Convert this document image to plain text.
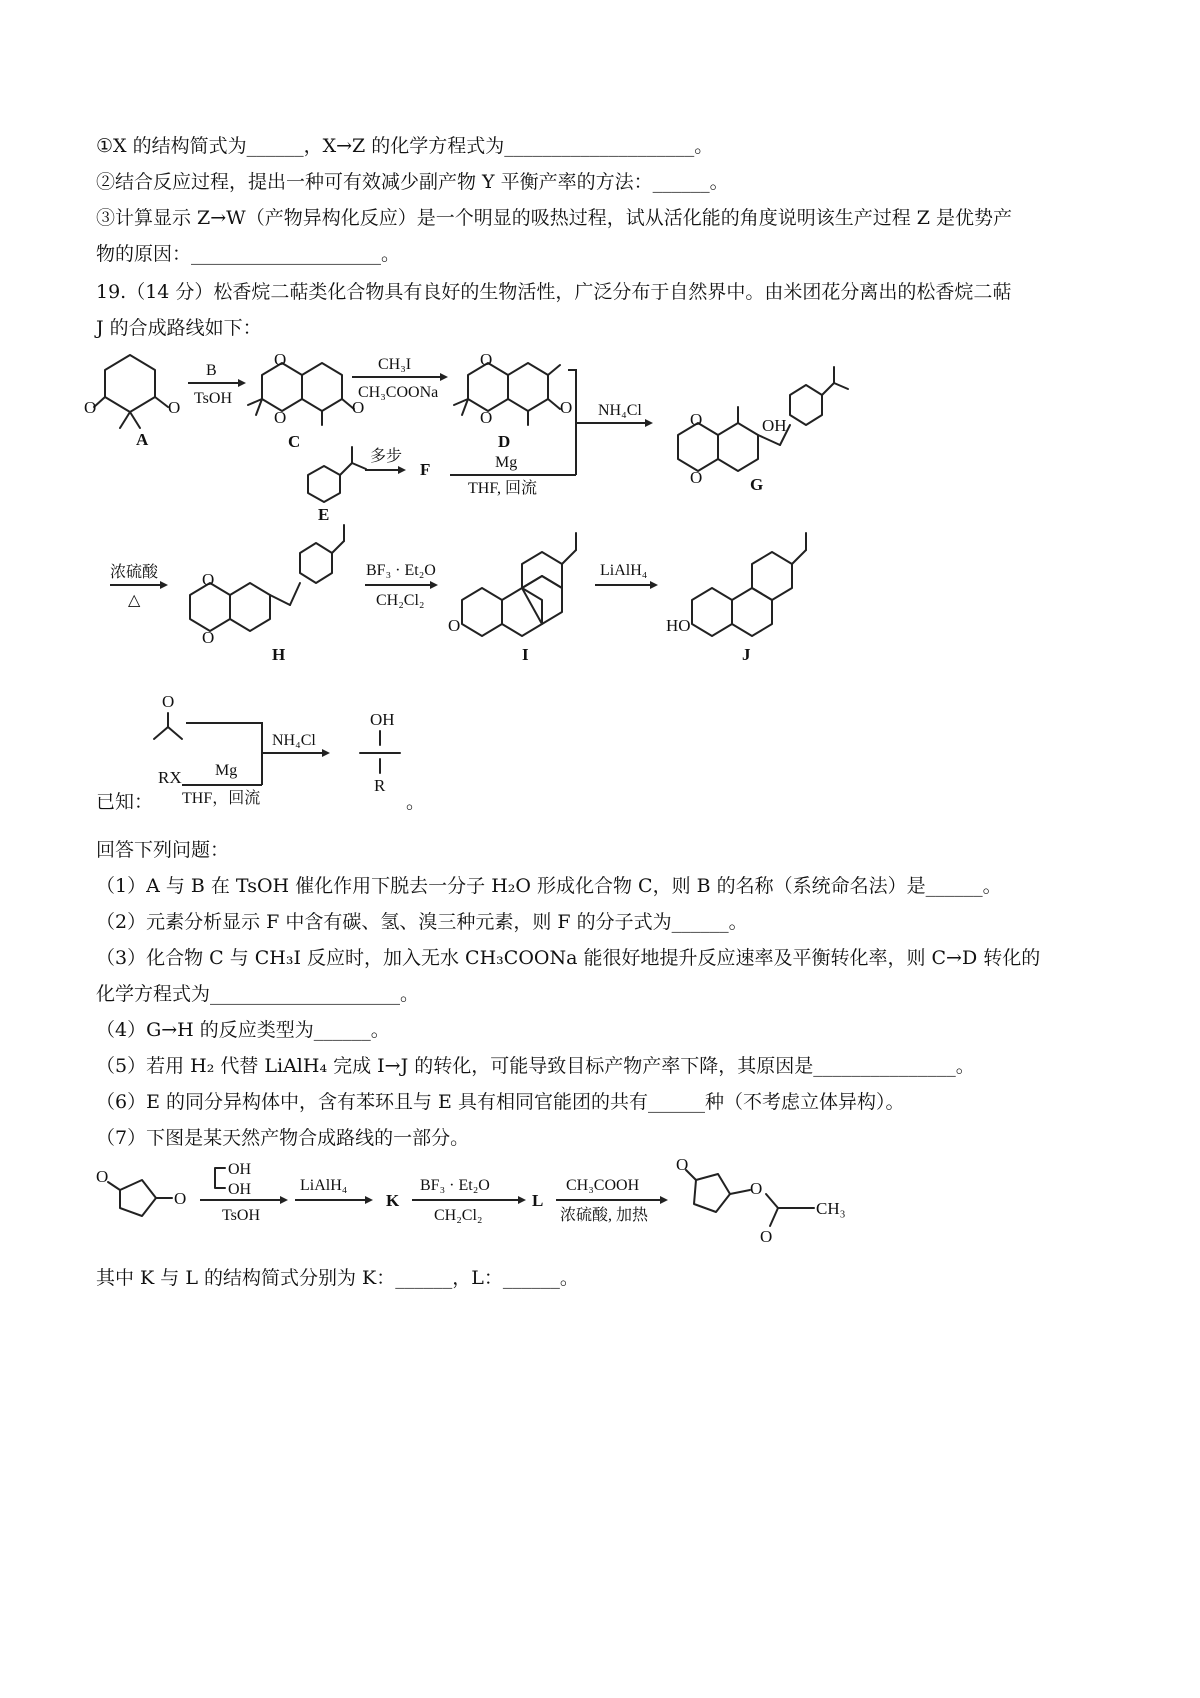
①X 的结构简式为______，X→Z 的化学方程式为____________________。
②结合反应过程，提出一种可有效减少副产物 Y 平衡产率的方法：______。
③计算显示 Z→W（产物异构化反应）是一个明显的吸热过程，试从活化能的角度说明该生产过程 Z 是优势产
物的原因：____________________。
19.（14 分）松香烷二萜类化合物具有良好的生物活性，广泛分布于自然界中。由米团花分离出的松香烷二萜
J 的合成路线如下：
O	O
A
B
TsOH
O
O
O
C
CH₃I
CH₃COONa
O
O
O
D
NH₄Cl
E
多步
F	Mg
THF, 回流
OH
O
O	G
浓硫酸
△
O
O
H
BF₃ · Et₂O
CH₂Cl₂
O
I
LiAlH₄
HO
J
O
RX Mg
THF，回流
NH₄Cl
OH
R
已知：	。
回答下列问题：
（1）A 与 B 在 TsOH 催化作用下脱去一分子 H₂O 形成化合物 C，则 B 的名称（系统命名法）是______。
（2）元素分析显示 F 中含有碳、氢、溴三种元素，则 F 的分子式为______。
（3）化合物 C 与 CH₃I 反应时，加入无水 CH₃COONa 能很好地提升反应速率及平衡转化率，则 C→D 转化的
化学方程式为____________________。
（4）G→H 的反应类型为______。
（5）若用 H₂ 代替 LiAlH₄ 完成 I→J 的转化，可能导致目标产物产率下降，其原因是_______________。
（6）E 的同分异构体中，含有苯环且与 E 具有相同官能团的共有______种（不考虑立体异构）。
（7）下图是某天然产物合成路线的一部分。
O
O
OH
OH
TsOH
LiAlH₄
K
BF₃ · Et₂O
CH₂Cl₂
L
CH₃COOH
浓硫酸, 加热
O
O
O
CH₃
其中 K 与 L 的结构简式分别为 K：______，L：______。
